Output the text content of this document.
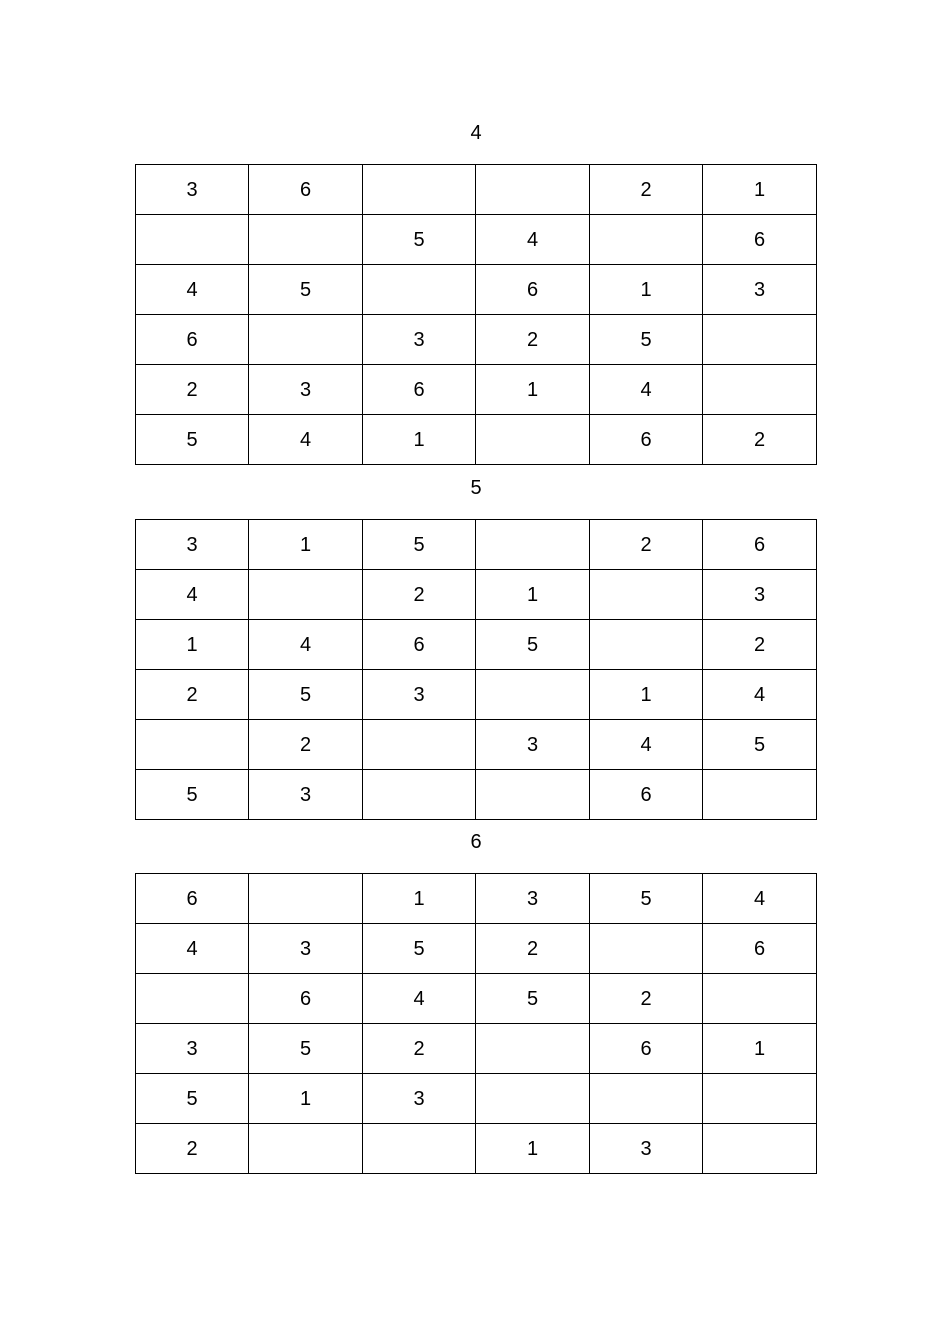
4
3	6			2	1
		5	4		6
4	5		6	1	3
6		3	2	5	
2	3	6	1	4	
5	4	1		6	2
5
3	1	5		2	6
4		2	1		3
1	4	6	5		2
2	5	3		1	4
	2		3	4	5
5	3			6	
6
6		1	3	5	4
4	3	5	2		6
	6	4	5	2	
3	5	2		6	1
5	1	3			
2			1	3	
